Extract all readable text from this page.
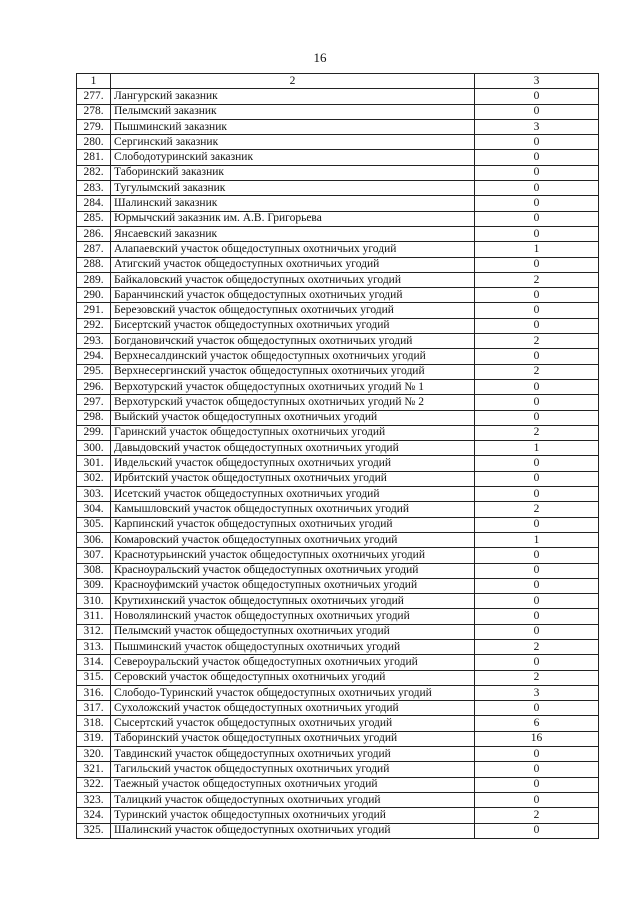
16
1	2	3
277.	Лангурский заказник	0
278.	Пелымский заказник	0
279.	Пышминский заказник	3
280.	Сергинский заказник	0
281.	Слободотуринский заказник	0
282.	Таборинский заказник	0
283.	Тугулымский заказник	0
284.	Шалинский заказник	0
285.	Юрмычский заказник им. А.В. Григорьева	0
286.	Янсаевский заказник	0
287.	Алапаевский участок общедоступных охотничьих угодий	1
288.	Атигский участок общедоступных охотничьих угодий	0
289.	Байкаловский участок общедоступных охотничьих угодий	2
290.	Баранчинский участок общедоступных охотничьих угодий	0
291.	Березовский участок общедоступных охотничьих угодий	0
292.	Бисертский участок общедоступных охотничьих угодий	0
293.	Богдановичский участок общедоступных охотничьих угодий	2
294.	Верхнесалдинский участок общедоступных охотничьих угодий	0
295.	Верхнесергинский участок общедоступных охотничьих угодий	2
296.	Верхотурский участок общедоступных охотничьих угодий № 1	0
297.	Верхотурский участок общедоступных охотничьих угодий № 2	0
298.	Выйский участок общедоступных охотничьих угодий	0
299.	Гаринский участок общедоступных охотничьих угодий	2
300.	Давыдовский участок общедоступных охотничьих угодий	1
301.	Ивдельский участок общедоступных охотничьих угодий	0
302.	Ирбитский участок общедоступных охотничьих угодий	0
303.	Исетский участок общедоступных охотничьих угодий	0
304.	Камышловский участок общедоступных охотничьих угодий	2
305.	Карпинский участок общедоступных охотничьих угодий	0
306.	Комаровский участок общедоступных охотничьих угодий	1
307.	Краснотурьинский участок общедоступных охотничьих угодий	0
308.	Красноуральский участок общедоступных охотничьих угодий	0
309.	Красноуфимский участок общедоступных охотничьих угодий	0
310.	Крутихинский участок общедоступных охотничьих угодий	0
311.	Новолялинский участок общедоступных охотничьих угодий	0
312.	Пелымский участок общедоступных охотничьих угодий	0
313.	Пышминский участок общедоступных охотничьих угодий	2
314.	Североуральский участок общедоступных охотничьих угодий	0
315.	Серовский участок общедоступных охотничьих угодий	2
316.	Слободо-Туринский участок общедоступных охотничьих угодий	3
317.	Сухоложский участок общедоступных охотничьих угодий	0
318.	Сысертский участок общедоступных охотничьих угодий	6
319.	Таборинский участок общедоступных охотничьих угодий	16
320.	Тавдинский участок общедоступных охотничьих угодий	0
321.	Тагильский участок общедоступных охотничьих угодий	0
322.	Таежный участок общедоступных охотничьих угодий	0
323.	Талицкий участок общедоступных охотничьих угодий	0
324.	Туринский участок общедоступных охотничьих угодий	2
325.	Шалинский участок общедоступных охотничьих угодий	0
